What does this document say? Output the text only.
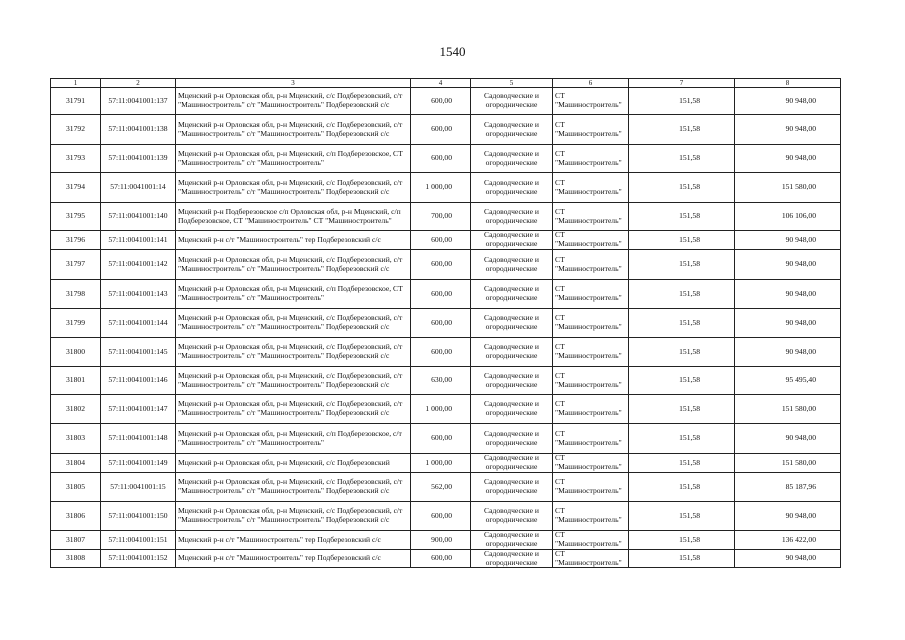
1540
1	2	3	4	5	6	7	8
31791	57:11:0041001:137	Мценский р-н Орловская обл, р-н Мценский, с/с Подберезовский, с/т "Машиностроитель" с/т "Машиностроитель" Подберезовский с/с	600,00	Садоводческие и огороднические	СТ "Машиностроитель"	151,58	90 948,00
31792	57:11:0041001:138	Мценский р-н Орловская обл, р-н Мценский, с/с Подберезовский, с/т "Машиностроитель" с/т "Машиностроитель" Подберезовский с/с	600,00	Садоводческие и огороднические	СТ "Машиностроитель"	151,58	90 948,00
31793	57:11:0041001:139	Мценский р-н Орловская обл, р-н Мценский, с/п Подберезовское, СТ "Машиностроитель" с/т "Машиностроитель"	600,00	Садоводческие и огороднические	СТ "Машиностроитель"	151,58	90 948,00
31794	57:11:0041001:14	Мценский р-н Орловская обл, р-н Мценский, с/с Подберезовский, с/т "Машиностроитель" с/т "Машиностроитель" Подберезовский с/с	1 000,00	Садоводческие и огороднические	СТ "Машиностроитель"	151,58	151 580,00
31795	57:11:0041001:140	Мценский р-н Подберезовское с/п Орловская обл, р-н Мценский, с/п Подберезовское, СТ "Машиностроитель" СТ "Машиностроитель"	700,00	Садоводческие и огороднические	СТ "Машиностроитель"	151,58	106 106,00
31796	57:11:0041001:141	Мценский р-н с/т "Машиностроитель" тер Подберезовский с/с	600,00	Садоводческие и огороднические	СТ "Машиностроитель"	151,58	90 948,00
31797	57:11:0041001:142	Мценский р-н Орловская обл, р-н Мценский, с/с Подберезовский, с/т "Машиностроитель" с/т "Машиностроитель" Подберезовский с/с	600,00	Садоводческие и огороднические	СТ "Машиностроитель"	151,58	90 948,00
31798	57:11:0041001:143	Мценский р-н Орловская обл, р-н Мценский, с/п Подберезовское, СТ "Машиностроитель" с/т "Машиностроитель"	600,00	Садоводческие и огороднические	СТ "Машиностроитель"	151,58	90 948,00
31799	57:11:0041001:144	Мценский р-н Орловская обл, р-н Мценский, с/с Подберезовский, с/т "Машиностроитель" с/т "Машиностроитель" Подберезовский с/с	600,00	Садоводческие и огороднические	СТ "Машиностроитель"	151,58	90 948,00
31800	57:11:0041001:145	Мценский р-н Орловская обл, р-н Мценский, с/с Подберезовский, с/т "Машиностроитель" с/т "Машиностроитель" Подберезовский с/с	600,00	Садоводческие и огороднические	СТ "Машиностроитель"	151,58	90 948,00
31801	57:11:0041001:146	Мценский р-н Орловская обл, р-н Мценский, с/с Подберезовский, с/т "Машиностроитель" с/т "Машиностроитель" Подберезовский с/с	630,00	Садоводческие и огороднические	СТ "Машиностроитель"	151,58	95 495,40
31802	57:11:0041001:147	Мценский р-н Орловская обл, р-н Мценский, с/с Подберезовский, с/т "Машиностроитель" с/т "Машиностроитель" Подберезовский с/с	1 000,00	Садоводческие и огороднические	СТ "Машиностроитель"	151,58	151 580,00
31803	57:11:0041001:148	Мценский р-н Орловская обл, р-н Мценский, с/п Подберезовское, с/т "Машиностроитель" с/т "Машиностроитель"	600,00	Садоводческие и огороднические	СТ "Машиностроитель"	151,58	90 948,00
31804	57:11:0041001:149	Мценский р-н Орловская обл, р-н Мценский, с/с Подберезовский	1 000,00	Садоводческие и огороднические	СТ "Машиностроитель"	151,58	151 580,00
31805	57:11:0041001:15	Мценский р-н Орловская обл, р-н Мценский, с/с Подберезовский, с/т "Машиностроитель" с/т "Машиностроитель" Подберезовский с/с	562,00	Садоводческие и огороднические	СТ "Машиностроитель"	151,58	85 187,96
31806	57:11:0041001:150	Мценский р-н Орловская обл, р-н Мценский, с/с Подберезовский, с/т "Машиностроитель" с/т "Машиностроитель" Подберезовский с/с	600,00	Садоводческие и огороднические	СТ "Машиностроитель"	151,58	90 948,00
31807	57:11:0041001:151	Мценский р-н с/т "Машиностроитель" тер Подберезовский с/с	900,00	Садоводческие и огороднические	СТ "Машиностроитель"	151,58	136 422,00
31808	57:11:0041001:152	Мценский р-н с/т "Машиностроитель" тер Подберезовский с/с	600,00	Садоводческие и огороднические	СТ "Машиностроитель"	151,58	90 948,00
